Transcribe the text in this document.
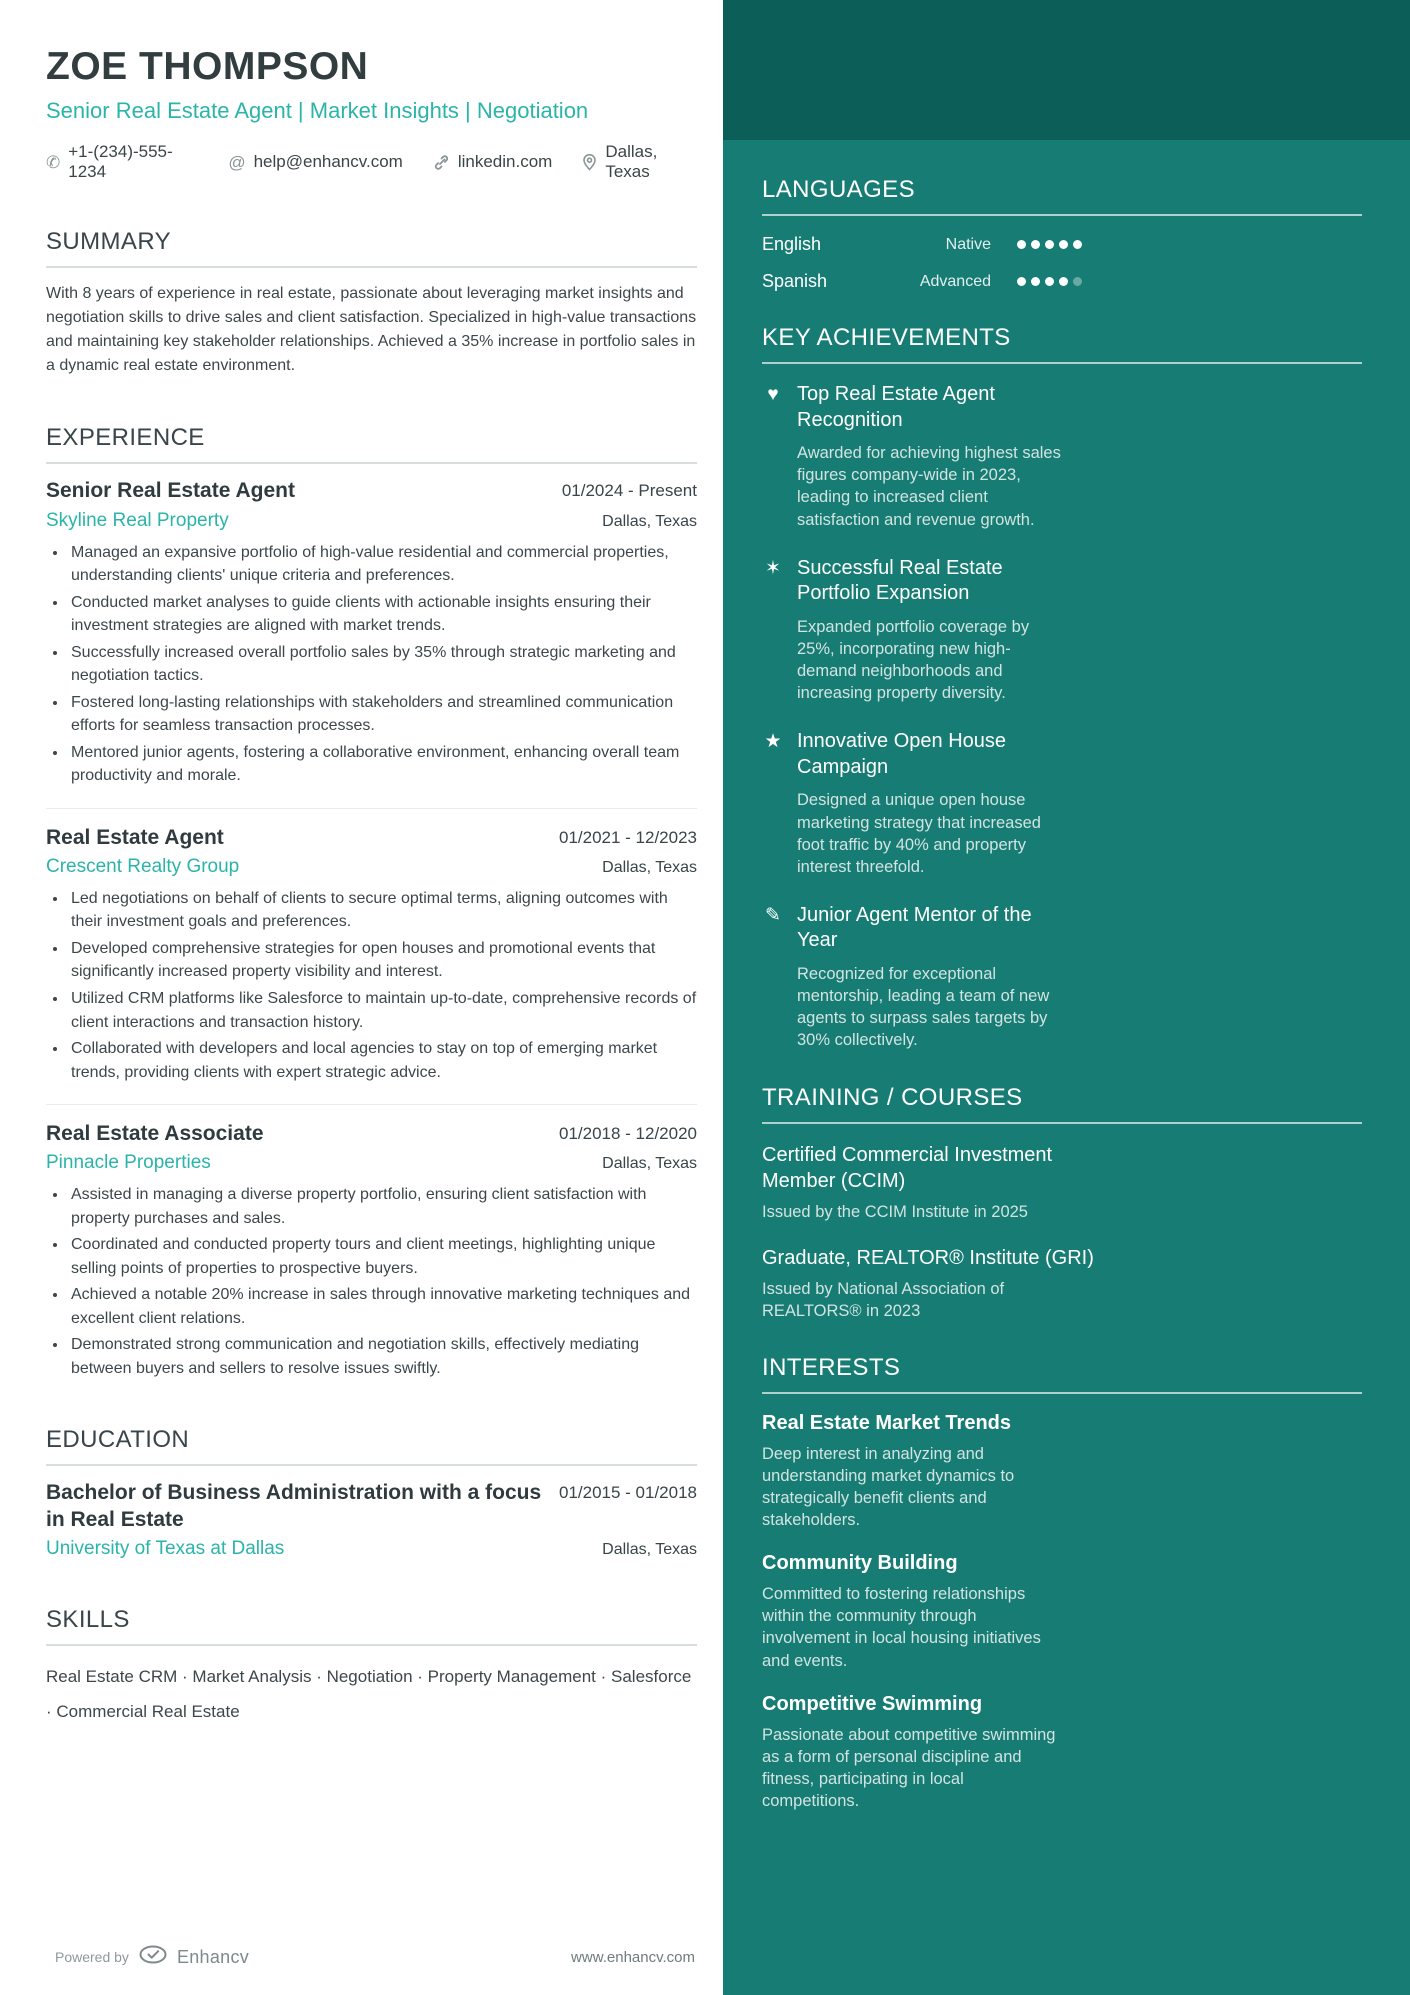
LANGUAGES
English	Native
Spanish	Advanced
KEY ACHIEVEMENTS
♥ Top Real Estate Agent Recognition
Awarded for achieving highest sales figures company-wide in 2023, leading to increased client satisfaction and revenue growth.
✶ Successful Real Estate Portfolio Expansion
Expanded portfolio coverage by 25%, incorporating new high-demand neighborhoods and increasing property diversity.
★ Innovative Open House Campaign
Designed a unique open house marketing strategy that increased foot traffic by 40% and property interest threefold.
✎ Junior Agent Mentor of the Year
Recognized for exceptional mentorship, leading a team of new agents to surpass sales targets by 30% collectively.
TRAINING / COURSES
Certified Commercial Investment Member (CCIM)
Issued by the CCIM Institute in 2025
Graduate, REALTOR® Institute (GRI)
Issued by National Association of REALTORS® in 2023
INTERESTS
Real Estate Market Trends
Deep interest in analyzing and understanding market dynamics to strategically benefit clients and stakeholders.
Community Building
Committed to fostering relationships within the community through involvement in local housing initiatives and events.
Competitive Swimming
Passionate about competitive swimming as a form of personal discipline and fitness, participating in local competitions.
ZOE THOMPSON
Senior Real Estate Agent | Market Insights | Negotiation
✆
+1-(234)-555-1234	@ help@enhancv.com	linkedin.com
Dallas, Texas
SUMMARY

With 8 years of experience in real estate, passionate about leveraging market insights and negotiation skills to drive sales and client satisfaction. Specialized in high-value transactions and maintaining key stakeholder relationships. Achieved a 35% increase in portfolio sales in a dynamic real estate environment.

EXPERIENCE
Senior Real Estate Agent	01/2024 - Present
Skyline Real Property	Dallas, Texas
• Managed an expansive portfolio of high-value residential and commercial properties, understanding clients' unique criteria and preferences.
• Conducted market analyses to guide clients with actionable insights ensuring their investment strategies are aligned with market trends.
• Successfully increased overall portfolio sales by 35% through strategic marketing and negotiation tactics.
• Fostered long-lasting relationships with stakeholders and streamlined communication efforts for seamless transaction processes.
• Mentored junior agents, fostering a collaborative environment, enhancing overall team productivity and morale.
Real Estate Agent	01/2021 - 12/2023
Crescent Realty Group	Dallas, Texas
• Led negotiations on behalf of clients to secure optimal terms, aligning outcomes with their investment goals and preferences.
• Developed comprehensive strategies for open houses and promotional events that significantly increased property visibility and interest.
• Utilized CRM platforms like Salesforce to maintain up-to-date, comprehensive records of client interactions and transaction history.
• Collaborated with developers and local agencies to stay on top of emerging market trends, providing clients with expert strategic advice.
Real Estate Associate	01/2018 - 12/2020
Pinnacle Properties	Dallas, Texas
• Assisted in managing a diverse property portfolio, ensuring client satisfaction with property purchases and sales.
• Coordinated and conducted property tours and client meetings, highlighting unique selling points of properties to prospective buyers.
• Achieved a notable 20% increase in sales through innovative marketing techniques and excellent client relations.
• Demonstrated strong communication and negotiation skills, effectively mediating between buyers and sellers to resolve issues swiftly.
EDUCATION
Bachelor of Business Administration with a focus in Real Estate
01/2015 - 01/2018
University of Texas at Dallas	Dallas, Texas
SKILLS

Real Estate CRM · Market Analysis · Negotiation · Property Management · Salesforce · Commercial Real Estate

Powered by	Enhancv	www.enhancv.com
